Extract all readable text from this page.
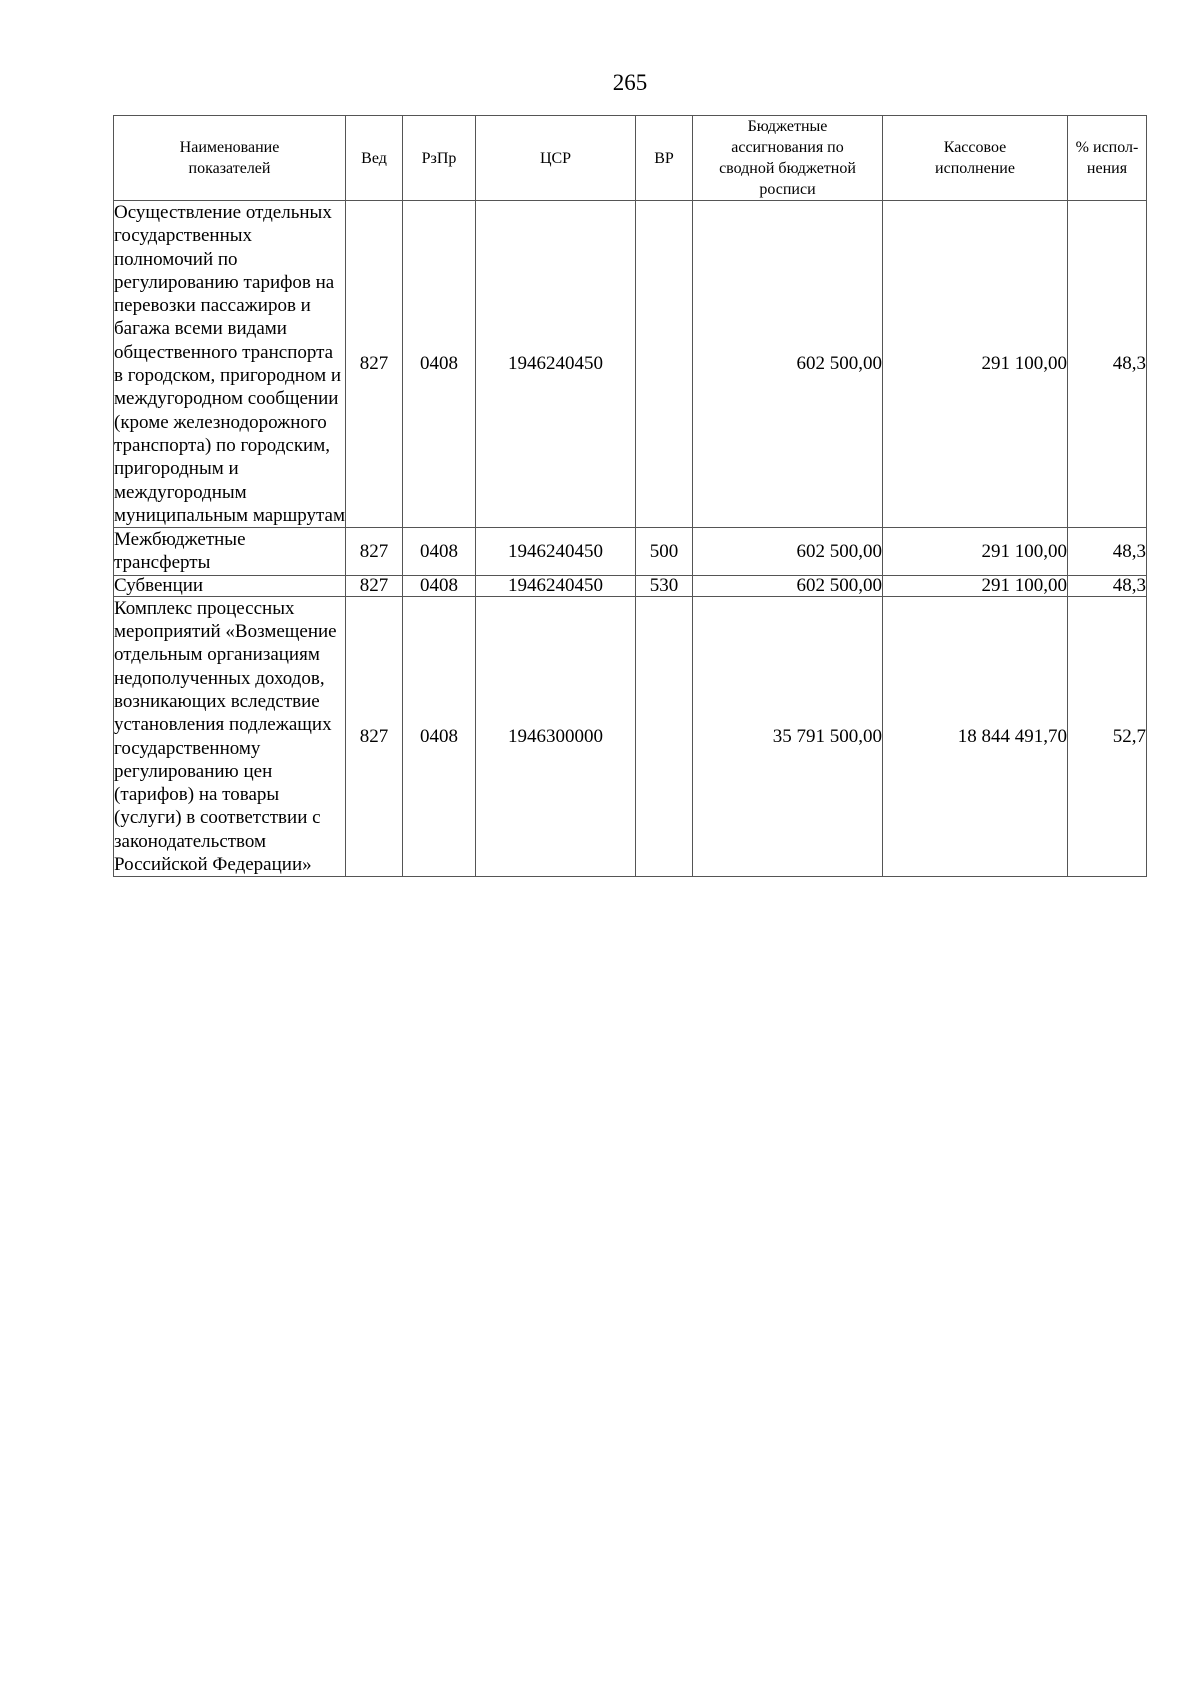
265
Наименование показателей	Вед	РзПр	ЦСР	ВР	Бюджетные ассигнования по сводной бюджетной росписи	Кассовое исполнение	% испол-нения
Осуществление отдельных государственных полномочий по регулированию тарифов на перевозки пассажиров и багажа всеми видами общественного транспорта в городском, пригородном и междугородном сообщении (кроме железнодорожного транспорта) по городским, пригородным и междугородным муниципальным маршрутам	827	0408	1946240450		602 500,00	291 100,00	48,3
Межбюджетные трансферты	827	0408	1946240450	500	602 500,00	291 100,00	48,3
Субвенции	827	0408	1946240450	530	602 500,00	291 100,00	48,3
Комплекс процессных мероприятий «Возмещение отдельным организациям недополученных доходов, возникающих вследствие установления подлежащих государственному регулированию цен (тарифов) на товары (услуги) в соответствии с законодательством Российской Федерации»	827	0408	1946300000		35 791 500,00	18 844 491,70	52,7
